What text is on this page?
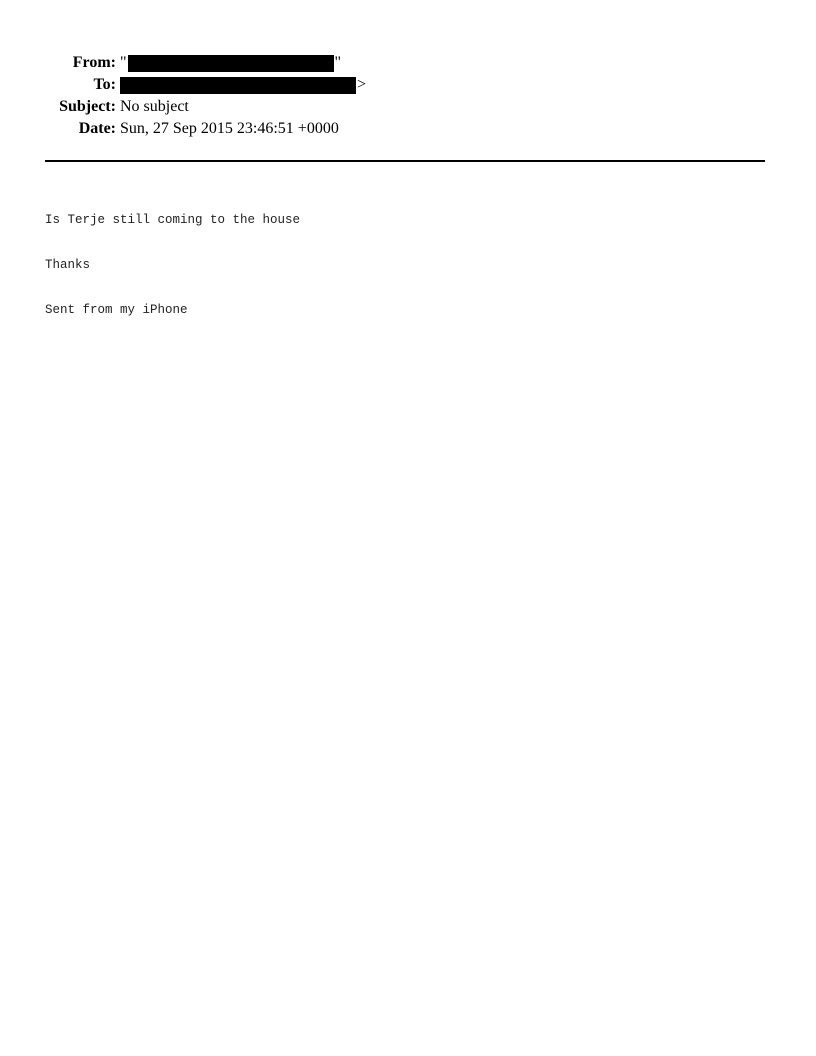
From: "	"
To:	>
Subject: No subject
Date: Sun, 27 Sep 2015 23:46:51 +0000

Is Terje still coming to the house

Thanks

Sent from my iPhone
